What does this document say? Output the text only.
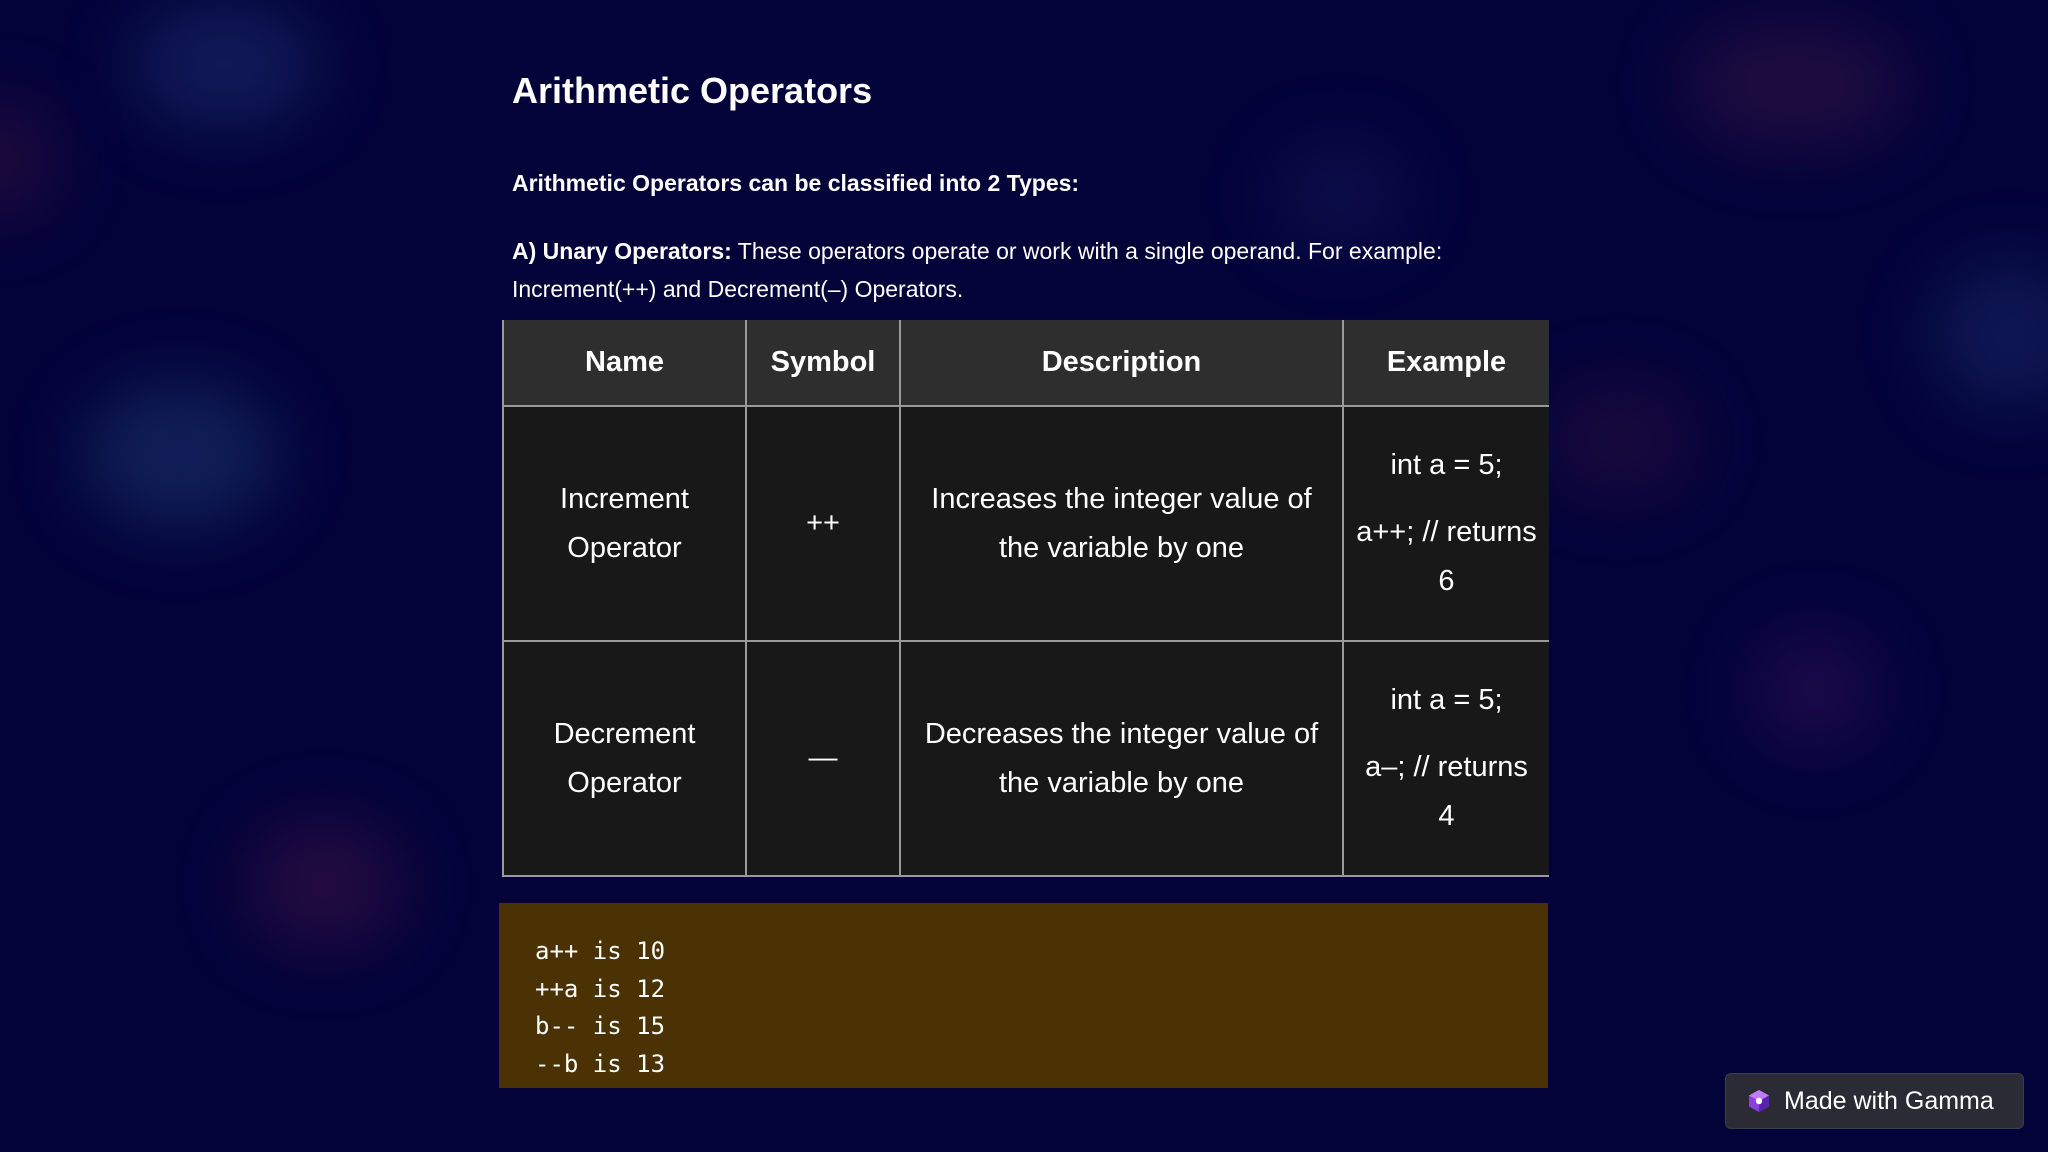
Arithmetic Operators

Arithmetic Operators can be classified into 2 Types:

A) Unary Operators: These operators operate or work with a single operand. For example: Increment(++) and Decrement(–) Operators.

Name	Symbol	Description	Example
Increment Operator	++	Increases the integer value of the variable by one	int a = 5;
a++; // returns 6

Decrement Operator	—	Decreases the integer value of the variable by one	int a = 5;
a–; // returns 4
a++ is 10
++a is 12
b-- is 15
--b is 13
Made with Gamma
